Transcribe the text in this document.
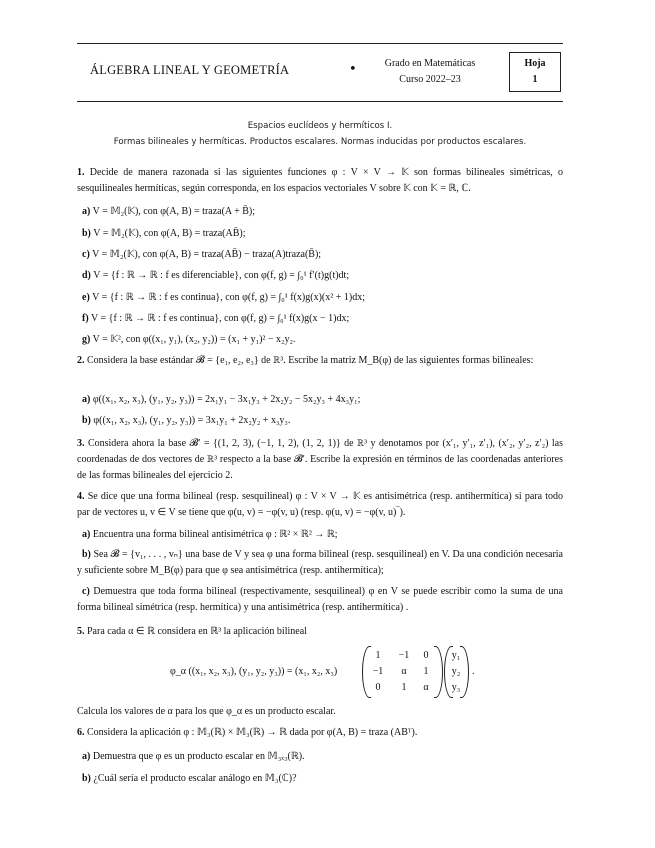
ÁLGEBRA LINEAL Y GEOMETRÍA	•	Grado en Matemáticas
Curso 2022–23
Hoja
1
Espacios euclídeos y hermíticos I.
Formas bilineales y hermíticas. Productos escalares. Normas inducidas por productos escalares.
1. Decide de manera razonada si las siguientes funciones φ : V × V → 𝕂 son formas bilineales simétricas, o sesquilineales hermíticas, según corresponda, en los espacios vectoriales V sobre 𝕂 con 𝕂 = ℝ, ℂ.
a) V = 𝕄₂(𝕂), con φ(A, B) = traza(A + B̄);
b) V = 𝕄₂(𝕂), con φ(A, B) = traza(AB̄);
c) V = 𝕄₂(𝕂), con φ(A, B) = traza(AB̄) − traza(A)traza(B̄);
d) V = {f : ℝ → ℝ : f es diferenciable}, con φ(f, g) = ∫₀¹ f′(t)g(t)dt;
e) V = {f : ℝ → ℝ : f es continua}, con φ(f, g) = ∫₀¹ f(x)g(x)(x² + 1)dx;
f) V = {f : ℝ → ℝ : f es continua}, con φ(f, g) = ∫₀¹ f(x)g(x − 1)dx;
g) V = 𝕂², con φ((x₁, y₁), (x₂, y₂)) = (x₁ + y₁)² − x₂y₂.
2. Considera la base estándar 𝓑 = {e₁, e₂, e₃} de ℝ³. Escribe la matriz M_B(φ) de las siguientes formas bilineales:
a) φ((x₁, x₂, x₃), (y₁, y₂, y₃)) = 2x₁y₁ − 3x₁y₃ + 2x₂y₂ − 5x₂y₃ + 4x₃y₁;
b) φ((x₁, x₂, x₃), (y₁, y₂, y₃)) = 3x₁y₁ + 2x₂y₂ + x₃y₃.
3. Considera ahora la base 𝓑′ = {(1, 2, 3), (−1, 1, 2), (1, 2, 1)} de ℝ³ y denotamos por (x′₁, y′₁, z′₁), (x′₂, y′₂, z′₂) las coordenadas de dos vectores de ℝ³ respecto a la base 𝓑′. Escribe la expresión en términos de las coordenadas anteriores de las formas bilineales del ejercicio 2.
4. Se dice que una forma bilineal (resp. sesquilineal) φ : V × V → 𝕂 es antisimétrica (resp. antihermítica) si para todo par de vectores u, v ∈ V se tiene que φ(u, v) = −φ(v, u) (resp. φ(u, v) = −φ(v, u)‾).
a) Encuentra una forma bilineal antisimétrica φ : ℝ² × ℝ² → ℝ;
b) Sea 𝓑 = {v₁, . . . , vₙ} una base de V y sea φ una forma bilineal (resp. sesquilineal) en V. Da una condición necesaria y suficiente sobre M_B(φ) para que φ sea antisimétrica (resp. antihermítica);
c) Demuestra que toda forma bilineal (respectivamente, sesquilineal) φ en V se puede escribir como la suma de una forma bilineal simétrica (resp. hermítica) y una antisimétrica (resp. antihermítica) .
5. Para cada α ∈ ℝ considera en ℝ³ la aplicación bilineal
φ_α ((x₁, x₂, x₃), (y₁, y₂, y₃)) = (x₁, x₂, x₃)
1	−1	0
−1	α	1
0	1	α
y₁
y₂
y₃
.
Calcula los valores de α para los que φ_α es un producto escalar.
6. Considera la aplicación φ : 𝕄₃(ℝ) × 𝕄₃(ℝ) → ℝ dada por φ(A, B) = traza (ABᵀ).
a) Demuestra que φ es un producto escalar en 𝕄₃ₓ₃(ℝ).
b) ¿Cuál sería el producto escalar análogo en 𝕄₃(ℂ)?
